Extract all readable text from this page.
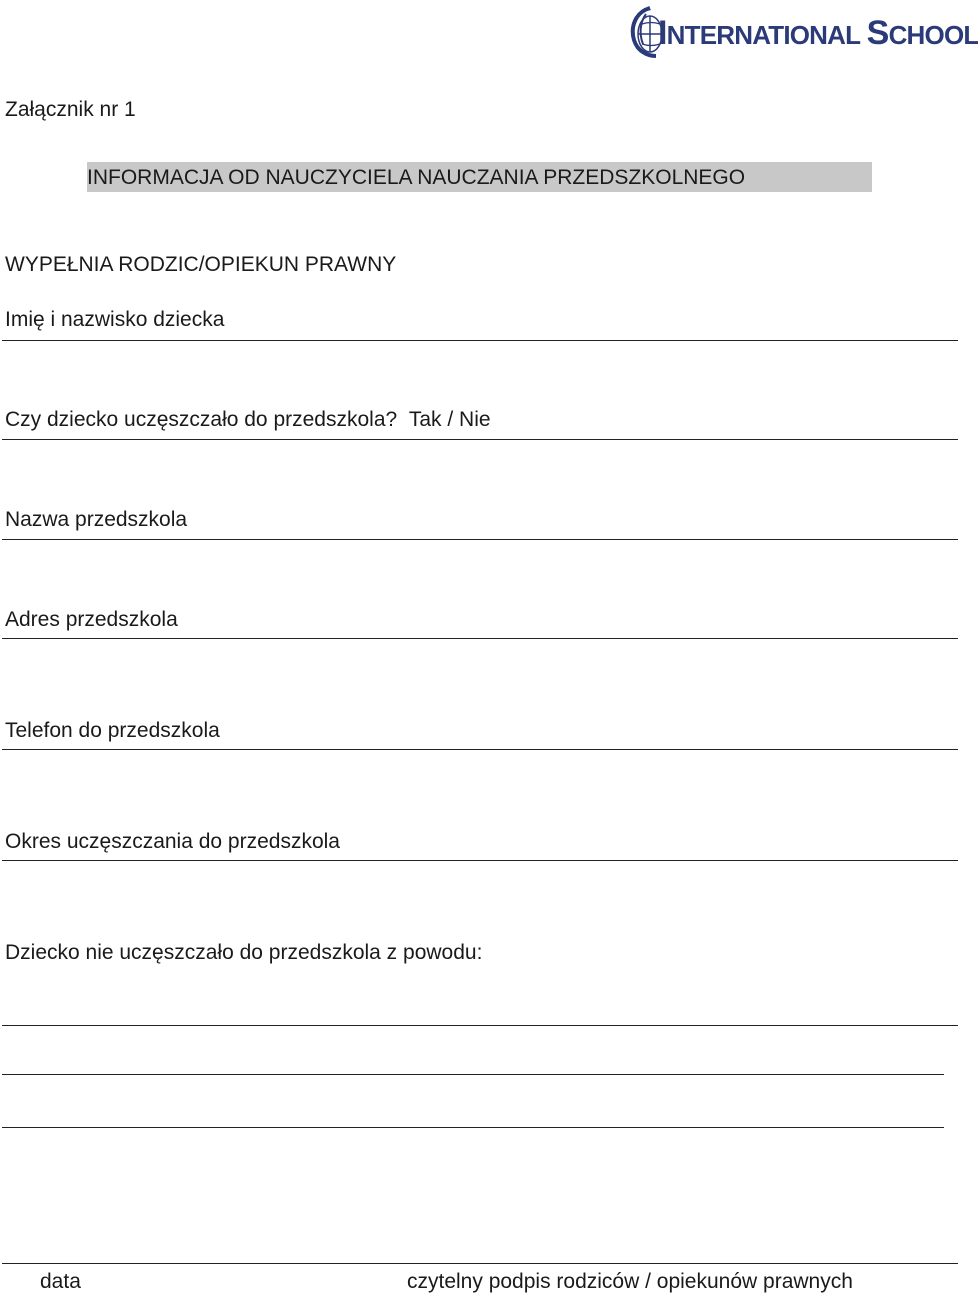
INTERNATIONAL SCHOOL
Załącznik nr 1
INFORMACJA OD NAUCZYCIELA NAUCZANIA PRZEDSZKOLNEGO
WYPEŁNIA RODZIC/OPIEKUN PRAWNY
Imię i nazwisko dziecka
Czy dziecko uczęszczało do przedszkola? Tak / Nie
Nazwa przedszkola
Adres przedszkola
Telefon do przedszkola
Okres uczęszczania do przedszkola
Dziecko nie uczęszczało do przedszkola z powodu:
data	czytelny podpis rodziców / opiekunów prawnych
